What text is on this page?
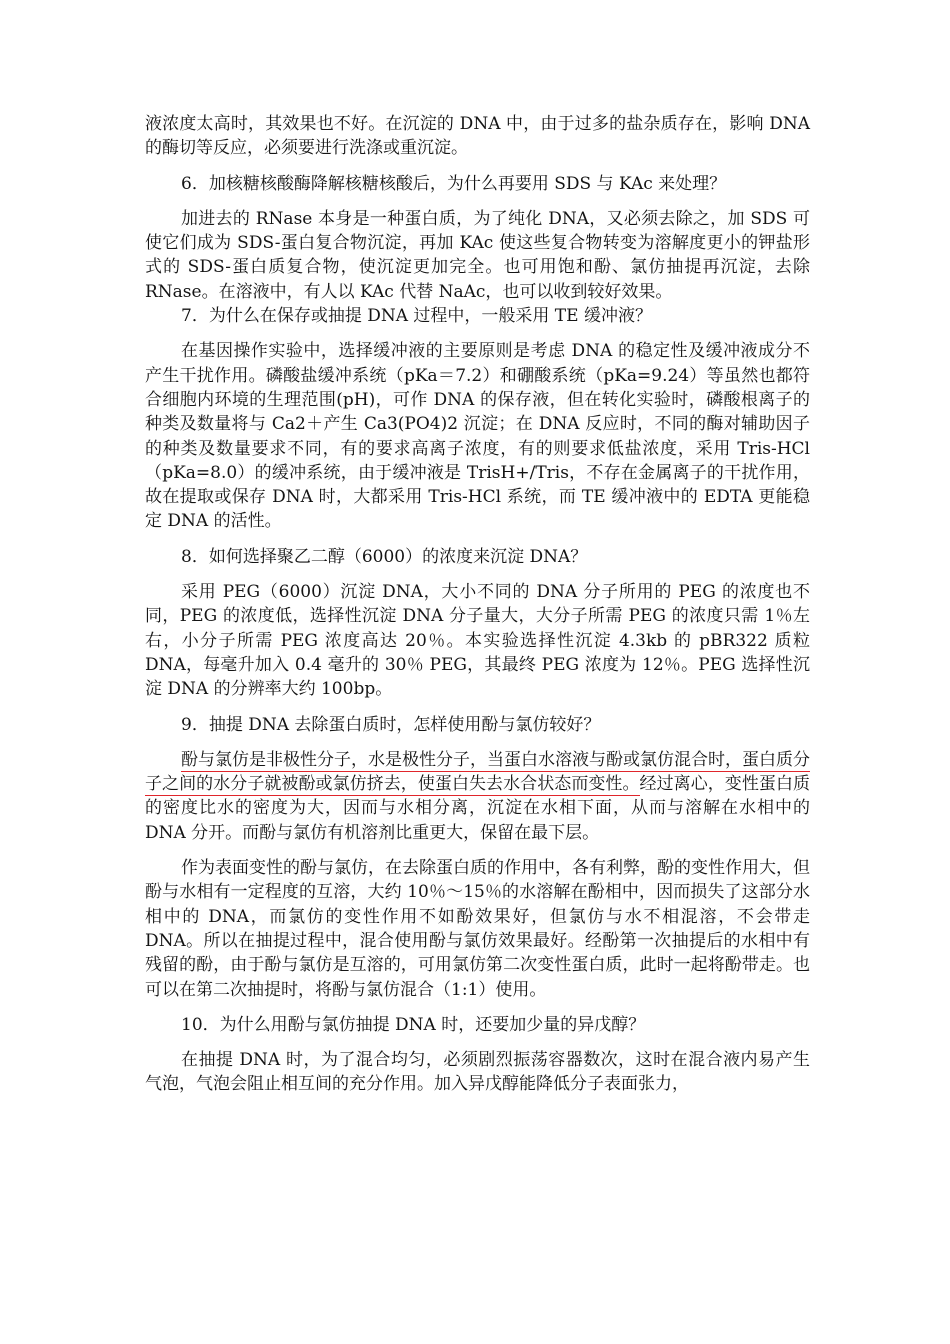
液浓度太高时，其效果也不好。在沉淀的 DNA 中，由于过多的盐杂质存在，影响 DNA 的酶切等反应，必须要进行洗涤或重沉淀。

6．加核糖核酸酶降解核糖核酸后，为什么再要用 SDS 与 KAc 来处理？

加进去的 RNase 本身是一种蛋白质，为了纯化 DNA，又必须去除之，加 SDS 可使它们成为 SDS-蛋白复合物沉淀，再加 KAc 使这些复合物转变为溶解度更小的钾盐形式的 SDS-蛋白质复合物，使沉淀更加完全。也可用饱和酚、氯仿抽提再沉淀，去除 RNase。在溶液中，有人以 KAc 代替 NaAc，也可以收到较好效果。

7．为什么在保存或抽提 DNA 过程中，一般采用 TE 缓冲液？

在基因操作实验中，选择缓冲液的主要原则是考虑 DNA 的稳定性及缓冲液成分不产生干扰作用。磷酸盐缓冲系统（pKa＝7.2）和硼酸系统（pKa=9.24）等虽然也都符合细胞内环境的生理范围(pH)，可作 DNA 的保存液，但在转化实验时，磷酸根离子的种类及数量将与 Ca2＋产生 Ca3(PO4)2 沉淀；在 DNA 反应时，不同的酶对辅助因子的种类及数量要求不同，有的要求高离子浓度，有的则要求低盐浓度，采用 Tris-HCl（pKa=8.0）的缓冲系统，由于缓冲液是 TrisH+/Tris，不存在金属离子的干扰作用，故在提取或保存 DNA 时，大都采用 Tris-HCl 系统，而 TE 缓冲液中的 EDTA 更能稳定 DNA 的活性。

8．如何选择聚乙二醇（6000）的浓度来沉淀 DNA？

采用 PEG（6000）沉淀 DNA，大小不同的 DNA 分子所用的 PEG 的浓度也不同，PEG 的浓度低，选择性沉淀 DNA 分子量大，大分子所需 PEG 的浓度只需 1％左右，小分子所需 PEG 浓度高达 20％。本实验选择性沉淀 4.3kb 的 pBR322 质粒 DNA，每毫升加入 0.4 毫升的 30％ PEG，其最终 PEG 浓度为 12％。PEG 选择性沉淀 DNA 的分辨率大约 100bp。

9．抽提 DNA 去除蛋白质时，怎样使用酚与氯仿较好？

酚与氯仿是非极性分子，水是极性分子，当蛋白水溶液与酚或氯仿混合时，蛋白质分子之间的水分子就被酚或氯仿挤去，使蛋白失去水合状态而变性。经过离心，变性蛋白质的密度比水的密度为大，因而与水相分离，沉淀在水相下面，从而与溶解在水相中的 DNA 分开。而酚与氯仿有机溶剂比重更大，保留在最下层。

作为表面变性的酚与氯仿，在去除蛋白质的作用中，各有利弊，酚的变性作用大，但酚与水相有一定程度的互溶，大约 10％～15％的水溶解在酚相中，因而损失了这部分水相中的 DNA，而氯仿的变性作用不如酚效果好，但氯仿与水不相混溶，不会带走 DNA。所以在抽提过程中，混合使用酚与氯仿效果最好。经酚第一次抽提后的水相中有残留的酚，由于酚与氯仿是互溶的，可用氯仿第二次变性蛋白质，此时一起将酚带走。也可以在第二次抽提时，将酚与氯仿混合（1:1）使用。

10．为什么用酚与氯仿抽提 DNA 时，还要加少量的异戊醇？

在抽提 DNA 时，为了混合均匀，必须剧烈振荡容器数次，这时在混合液内易产生气泡，气泡会阻止相互间的充分作用。加入异戊醇能降低分子表面张力，
